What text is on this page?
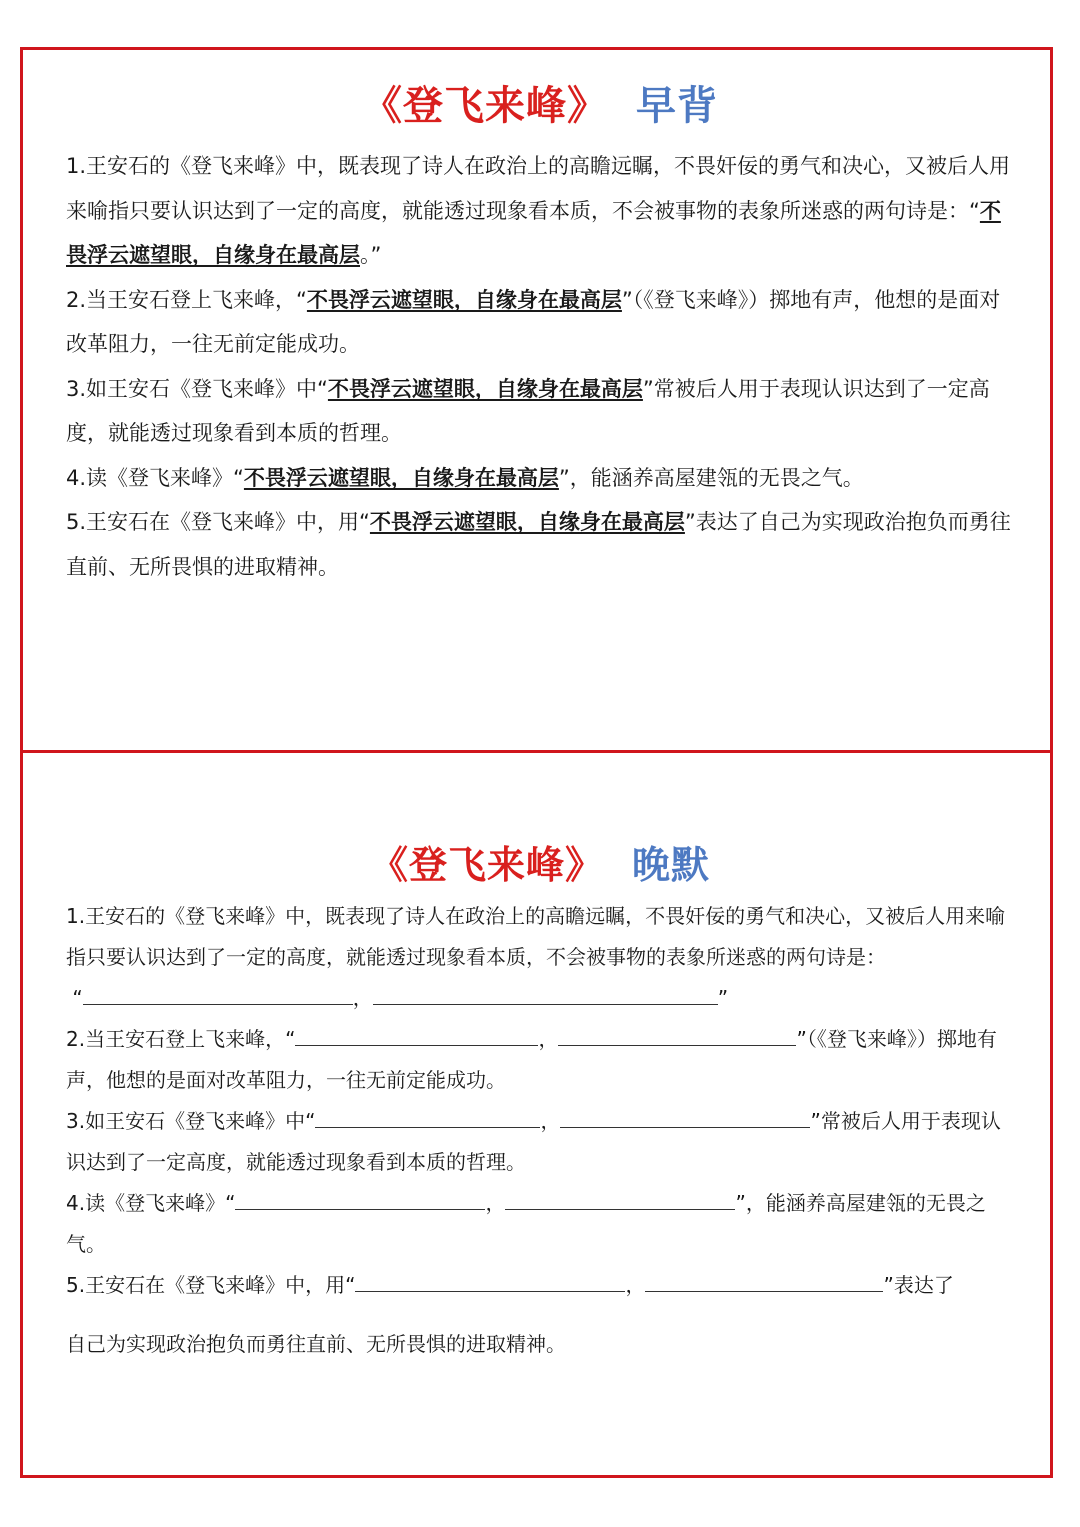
《登飞来峰》 早背

1.王安石的《登飞来峰》中，既表现了诗人在政治上的高瞻远瞩，不畏奸佞的勇气和决心，又被后人用来喻指只要认识达到了一定的高度，就能透过现象看本质，不会被事物的表象所迷惑的两句诗是：“不畏浮云遮望眼，自缘身在最高层。”

2.当王安石登上飞来峰，“不畏浮云遮望眼，自缘身在最高层”（《登飞来峰》）掷地有声，他想的是面对改革阻力，一往无前定能成功。

3.如王安石《登飞来峰》中“不畏浮云遮望眼，自缘身在最高层”常被后人用于表现认识达到了一定高度，就能透过现象看到本质的哲理。

4.读《登飞来峰》“不畏浮云遮望眼，自缘身在最高层”，能涵养高屋建瓴的无畏之气。

5.王安石在《登飞来峰》中，用“不畏浮云遮望眼，自缘身在最高层”表达了自己为实现政治抱负而勇往直前、无所畏惧的进取精神。

《登飞来峰》 晚默

1.王安石的《登飞来峰》中，既表现了诗人在政治上的高瞻远瞩，不畏奸佞的勇气和决心，又被后人用来喻指只要认识达到了一定的高度，就能透过现象看本质，不会被事物的表象所迷惑的两句诗是：
“	，	”

2.当王安石登上飞来峰，“	，	”（《登飞来峰》）掷地有声，他想的是面对改革阻力，一往无前定能成功。

3.如王安石《登飞来峰》中“	，	”常被后人用于表现认识达到了一定高度，就能透过现象看到本质的哲理。

4.读《登飞来峰》“	，	”，能涵养高屋建瓴的无畏之气。

5.王安石在《登飞来峰》中，用“	，	”表达了

自己为实现政治抱负而勇往直前、无所畏惧的进取精神。
